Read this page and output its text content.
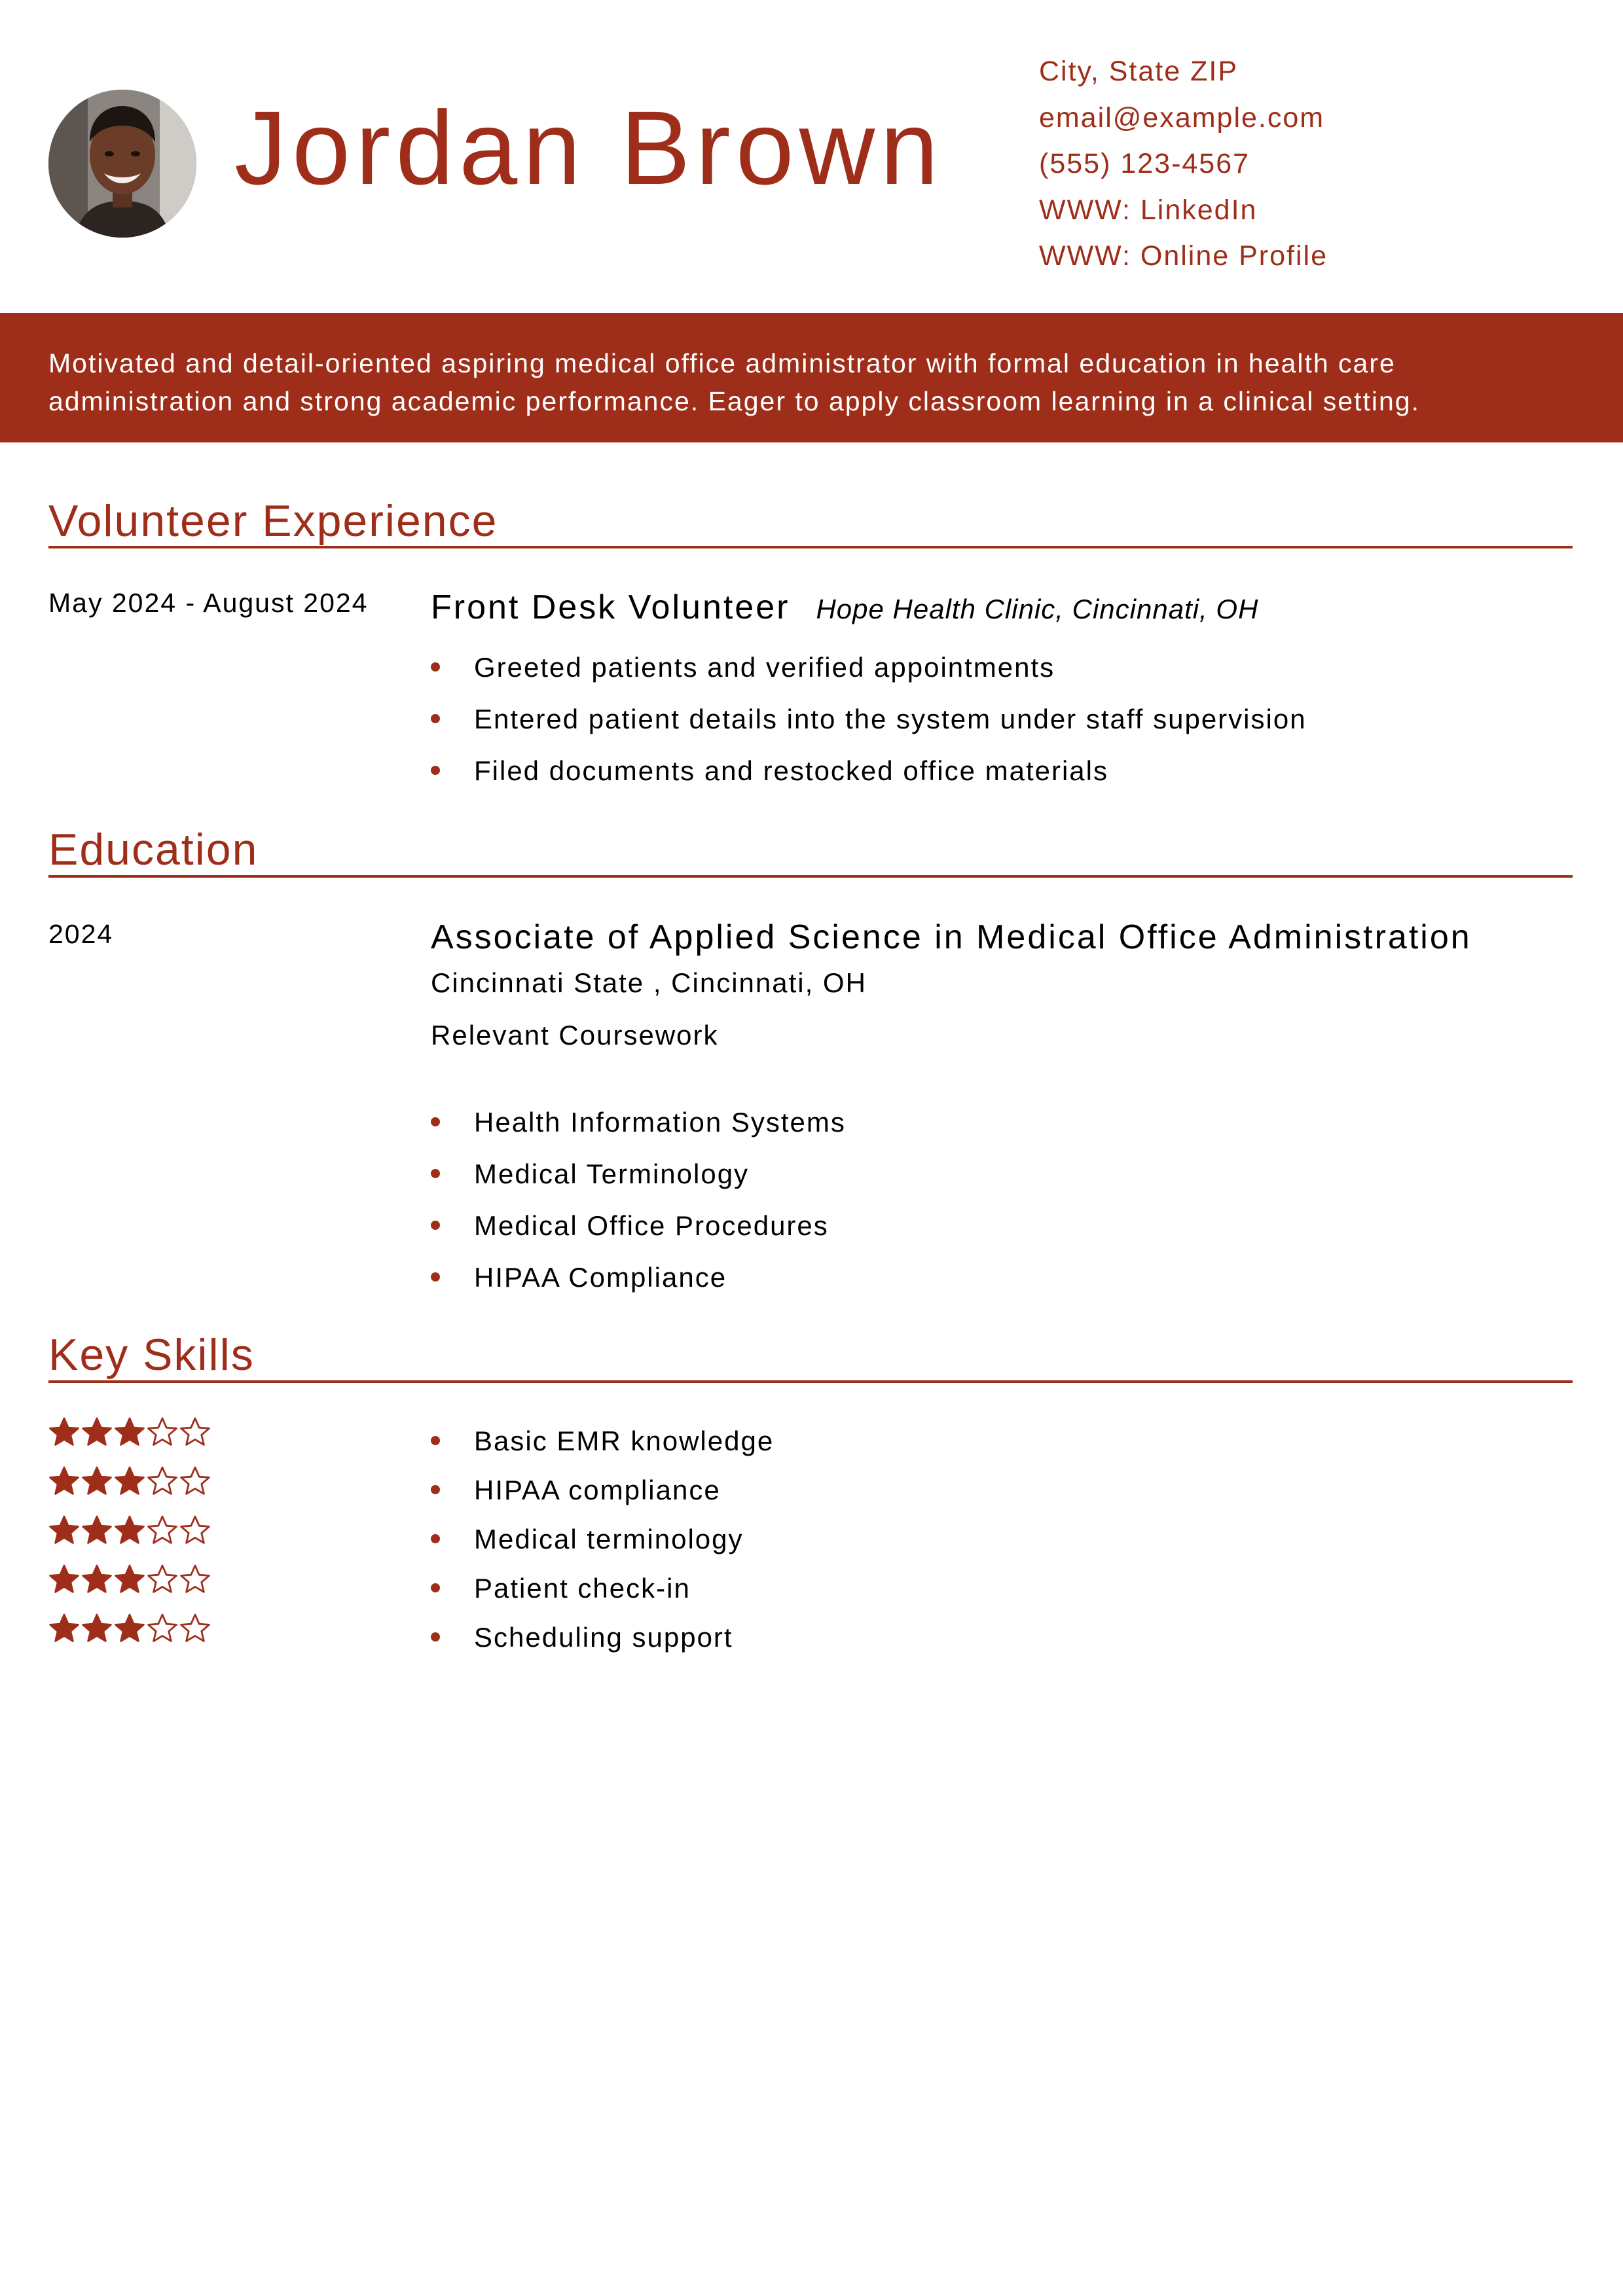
Jordan Brown
City, State ZIP
email@example.com
(555) 123-4567
WWW: LinkedIn
WWW: Online Profile

Motivated and detail-oriented aspiring medical office administrator with formal education in health care administration and strong academic performance. Eager to apply classroom learning in a clinical setting.

Volunteer Experience
May 2024 - August 2024 Front Desk Volunteer Hope Health Clinic, Cincinnati, OH
Greeted patients and verified appointments
Entered patient details into the system under staff supervision
Filed documents and restocked office materials
Education
2024	Associate of Applied Science in Medical Office Administration
Cincinnati State , Cincinnati, OH
Relevant Coursework
Health Information Systems
Medical Terminology
Medical Office Procedures
HIPAA Compliance
Key Skills
Basic EMR knowledge
HIPAA compliance
Medical terminology
Patient check-in
Scheduling support
